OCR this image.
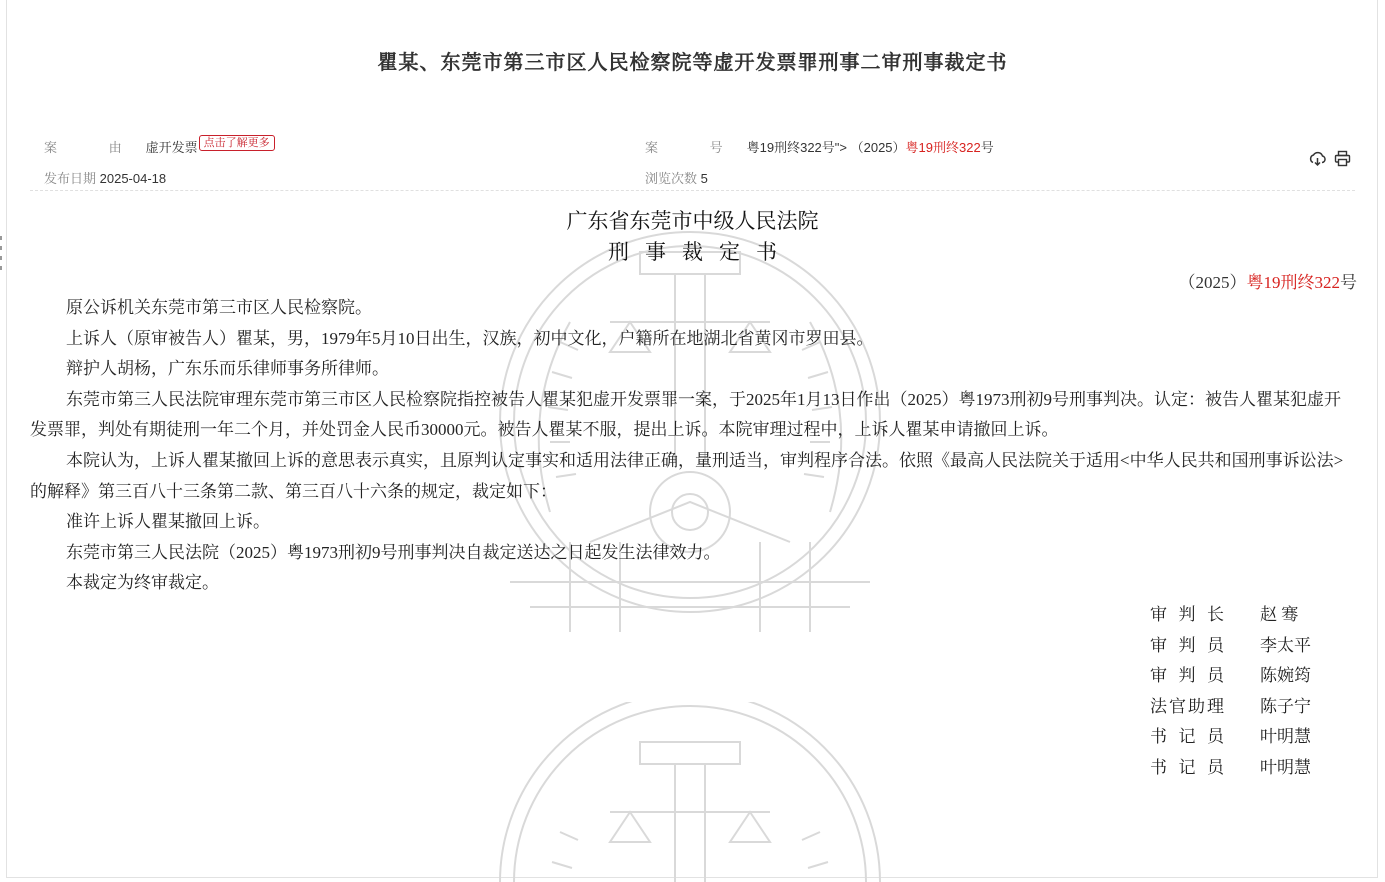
瞿某、东莞市第三市区人民检察院等虚开发票罪刑事二审刑事裁定书
案 由虚开发票 点击了解更多	案 号粤19刑终322号"> （2025）粤19刑终322号
发布日期 2025-04-18	浏览次数 5

广东省东莞市中级人民法院
刑事裁定书
（2025）粤19刑终322号

原公诉机关东莞市第三市区人民检察院。

上诉人（原审被告人）瞿某，男，1979年5月10日出生，汉族，初中文化，户籍所在地湖北省黄冈市罗田县。

辩护人胡杨，广东乐而乐律师事务所律师。

东莞市第三人民法院审理东莞市第三市区人民检察院指控被告人瞿某犯虚开发票罪一案，于2025年1月13日作出（2025）粤1973刑初9号刑事判决。认定：被告人瞿某犯虚开发票罪，判处有期徒刑一年二个月，并处罚金人民币30000元。被告人瞿某不服，提出上诉。本院审理过程中，上诉人瞿某申请撤回上诉。

本院认为，上诉人瞿某撤回上诉的意思表示真实，且原判认定事实和适用法律正确，量刑适当，审判程序合法。依照《最高人民法院关于适用<中华人民共和国刑事诉讼法>的解释》第三百八十三条第二款、第三百八十六条的规定，裁定如下：

准许上诉人瞿某撤回上诉。

东莞市第三人民法院（2025）粤1973刑初9号刑事判决自裁定送达之日起发生法律效力。

本裁定为终审裁定。

审判长 赵 骞
审判员 李太平
审判员 陈婉筠
法官助理 陈子宁
书记员 叶明慧
书记员 叶明慧
